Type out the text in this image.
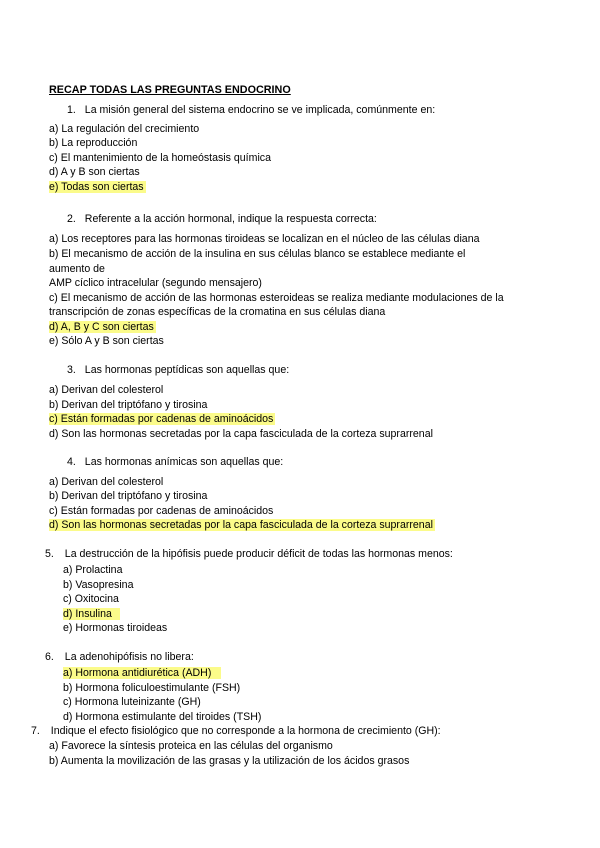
RECAP TODAS LAS PREGUNTAS ENDOCRINO
1. La misión general del sistema endocrino se ve implicada, comúnmente en:
a) La regulación del crecimiento
b) La reproducción
c) El mantenimiento de la homeóstasis química
d) A y B son ciertas
e) Todas son ciertas
2. Referente a la acción hormonal, indique la respuesta correcta:
a) Los receptores para las hormonas tiroideas se localizan en el núcleo de las células diana
b) El mecanismo de acción de la insulina en sus células blanco se establece mediante el
aumento de
AMP cíclico intracelular (segundo mensajero)
c) El mecanismo de acción de las hormonas esteroideas se realiza mediante modulaciones de la
transcripción de zonas específicas de la cromatina en sus células diana
d) A, B y C son ciertas
e) Sólo A y B son ciertas
3. Las hormonas peptídicas son aquellas que:
a) Derivan del colesterol
b) Derivan del triptófano y tirosina
c) Están formadas por cadenas de aminoácidos
d) Son las hormonas secretadas por la capa fasciculada de la corteza suprarrenal
4. Las hormonas anímicas son aquellas que:
a) Derivan del colesterol
b) Derivan del triptófano y tirosina
c) Están formadas por cadenas de aminoácidos
d) Son las hormonas secretadas por la capa fasciculada de la corteza suprarrenal
5. La destrucción de la hipófisis puede producir déficit de todas las hormonas menos:
a) Prolactina
b) Vasopresina
c) Oxitocina
d) Insulina
e) Hormonas tiroideas
6. La adenohipófisis no libera:
a) Hormona antidiurética (ADH)
b) Hormona foliculoestimulante (FSH)
c) Hormona luteinizante (GH)
d) Hormona estimulante del tiroides (TSH)
7. Indique el efecto fisiológico que no corresponde a la hormona de crecimiento (GH):
a) Favorece la síntesis proteica en las células del organismo
b) Aumenta la movilización de las grasas y la utilización de los ácidos grasos
